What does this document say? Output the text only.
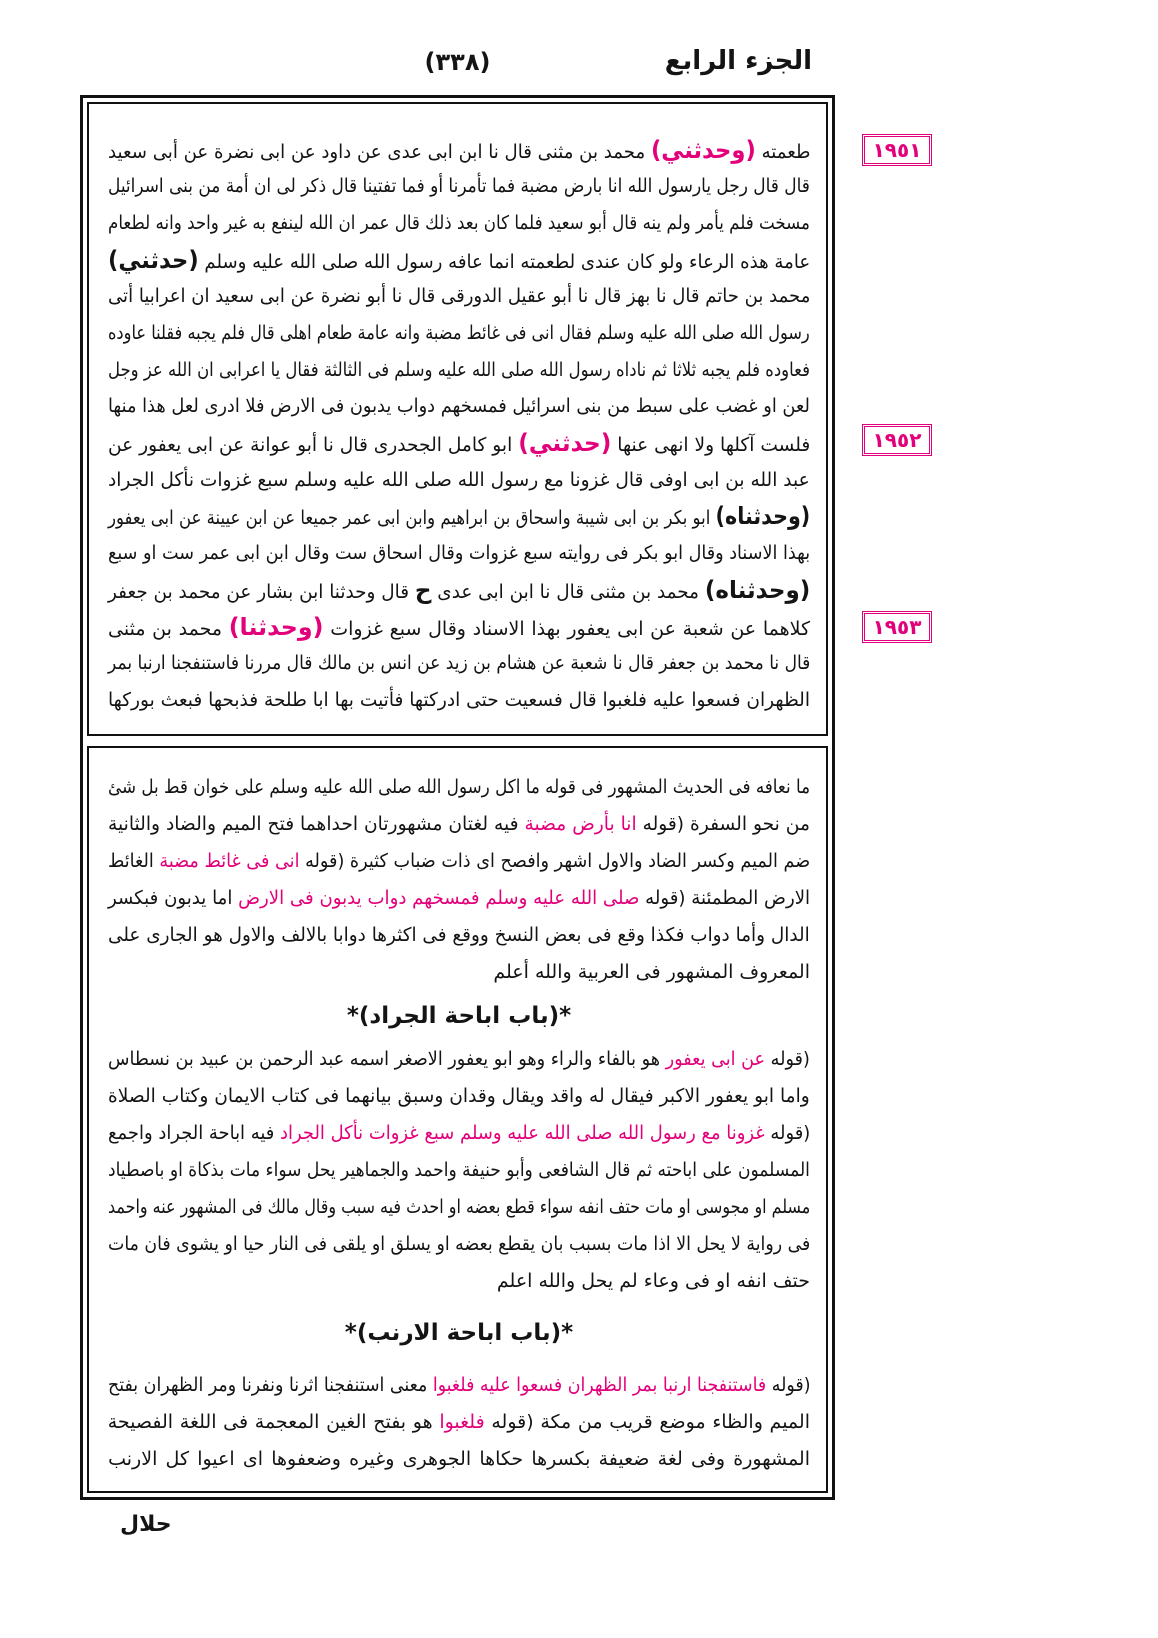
الجزء الرابع
(٣٣٨)
١٩٥١
١٩٥٢
١٩٥٣
طعمته (وحدثني) محمد بن مثنى قال نا ابن ابى عدى عن داود عن ابى نضرة عن أبى سعيد
قال قال رجل يارسول الله انا بارض مضبة فما تأمرنا أو فما تفتينا قال ذكر لى ان أمة من بنى اسرائيل
مسخت فلم يأمر ولم ينه قال أبو سعيد فلما كان بعد ذلك قال عمر ان الله لينفع به غير واحد وانه لطعام
عامة هذه الرعاء ولو كان عندى لطعمته انما عافه رسول الله صلى الله عليه وسلم (حدثني)
محمد بن حاتم قال نا بهز قال نا أبو عقيل الدورقى قال نا أبو نضرة عن ابى سعيد ان اعرابيا أتى
رسول الله صلى الله عليه وسلم فقال انى فى غائط مضبة وانه عامة طعام اهلى قال فلم يجبه فقلنا عاوده
فعاوده فلم يجبه ثلاثا ثم ناداه رسول الله صلى الله عليه وسلم فى الثالثة فقال يا اعرابى ان الله عز وجل
لعن او غضب على سبط من بنى اسرائيل فمسخهم دواب يدبون فى الارض فلا ادرى لعل هذا منها
فلست آكلها ولا انهى عنها (حدثني) ابو كامل الجحدرى قال نا أبو عوانة عن ابى يعفور عن
عبد الله بن ابى اوفى قال غزونا مع رسول الله صلى الله عليه وسلم سبع غزوات نأكل الجراد
(وحدثناه) ابو بكر بن ابى شيبة واسحاق بن ابراهيم وابن ابى عمر جميعا عن ابن عيينة عن ابى يعفور
بهذا الاسناد وقال ابو بكر فى روايته سبع غزوات وقال اسحاق ست وقال ابن ابى عمر ست او سبع
(وحدثناه) محمد بن مثنى قال نا ابن ابى عدى ح قال وحدثنا ابن بشار عن محمد بن جعفر
كلاهما عن شعبة عن ابى يعفور بهذا الاسناد وقال سبع غزوات (وحدثنا) محمد بن مثنى
قال نا محمد بن جعفر قال نا شعبة عن هشام بن زيد عن انس بن مالك قال مررنا فاستنفجنا ارنبا بمر
الظهران فسعوا عليه فلغبوا قال فسعيت حتى ادركتها فأتيت بها ابا طلحة فذبحها فبعث بوركها
ما نعافه فى الحديث المشهور فى قوله ما اكل رسول الله صلى الله عليه وسلم على خوان قط بل شئ
من نحو السفرة (قوله انا بأرض مضبة فيه لغتان مشهورتان احداهما فتح الميم والضاد والثانية
ضم الميم وكسر الضاد والاول اشهر وافصح اى ذات ضباب كثيرة (قوله انى فى غائط مضبة الغائط
الارض المطمئنة (قوله صلى الله عليه وسلم فمسخهم دواب يدبون فى الارض اما يدبون فبكسر
الدال وأما دواب فكذا وقع فى بعض النسخ ووقع فى اكثرها دوابا بالالف والاول هو الجارى على
المعروف المشهور فى العربية والله أعلم
*(باب اباحة الجراد)*
(قوله عن ابى يعفور هو بالفاء والراء وهو ابو يعفور الاصغر اسمه عبد الرحمن بن عبيد بن نسطاس
واما ابو يعفور الاكبر فيقال له واقد ويقال وقدان وسبق بيانهما فى كتاب الايمان وكتاب الصلاة
(قوله غزونا مع رسول الله صلى الله عليه وسلم سبع غزوات نأكل الجراد فيه اباحة الجراد واجمع
المسلمون على اباحته ثم قال الشافعى وأبو حنيفة واحمد والجماهير يحل سواء مات بذكاة او باصطياد
مسلم او مجوسى او مات حتف انفه سواء قطع بعضه او احدث فيه سبب وقال مالك فى المشهور عنه واحمد
فى رواية لا يحل الا اذا مات بسبب بان يقطع بعضه او يسلق او يلقى فى النار حيا او يشوى فان مات
حتف انفه او فى وعاء لم يحل والله اعلم
*(باب اباحة الارنب)*
(قوله فاستنفجنا ارنبا بمر الظهران فسعوا عليه فلغبوا معنى استنفجنا اثرنا ونفرنا ومر الظهران بفتح
الميم والظاء موضع قريب من مكة (قوله فلغبوا هو بفتح الغين المعجمة فى اللغة الفصيحة
المشهورة وفى لغة ضعيفة بكسرها حكاها الجوهرى وغيره وضعفوها اى اعيوا كل الارنب
حلال
